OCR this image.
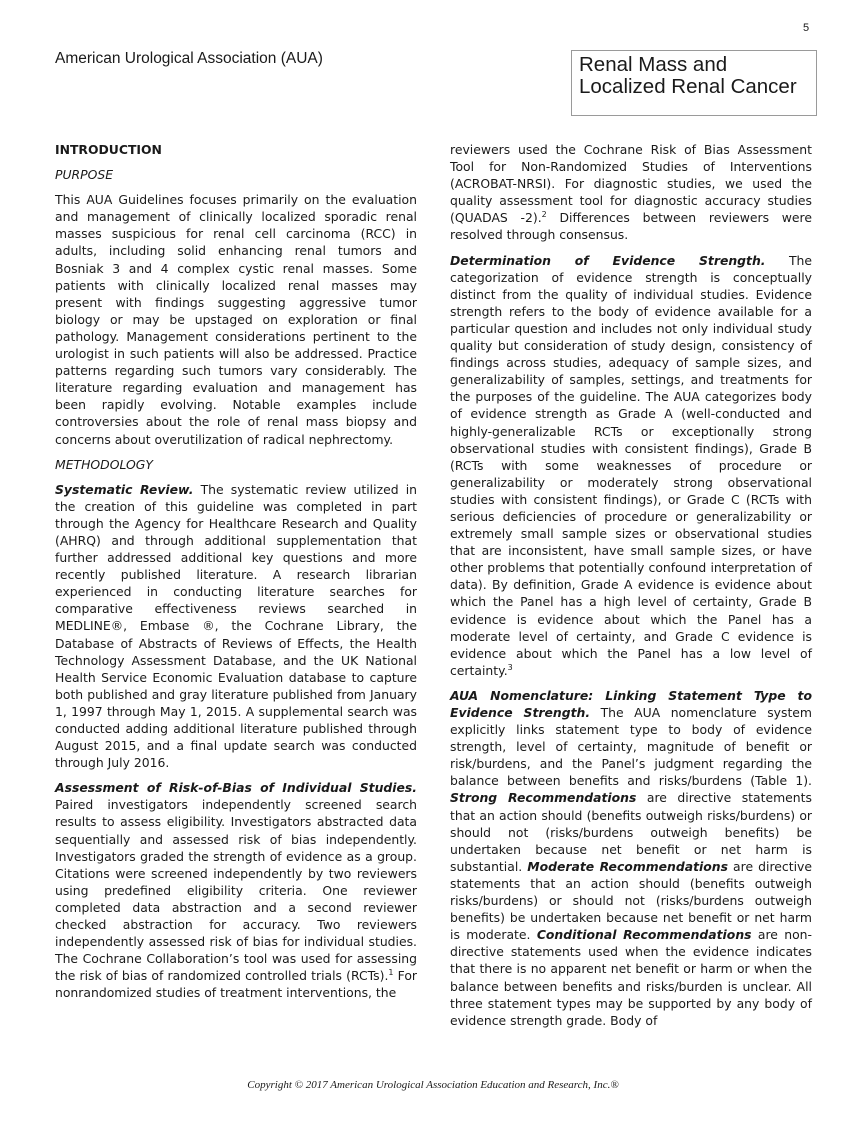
5
American Urological Association (AUA)	Renal Mass and
Localized Renal Cancer
INTRODUCTION
PURPOSE

This AUA Guidelines focuses primarily on the evaluation and management of clinically localized sporadic renal masses suspicious for renal cell carcinoma (RCC) in adults, including solid enhancing renal tumors and Bosniak 3 and 4 complex cystic renal masses. Some patients with clinically localized renal masses may present with findings suggesting aggressive tumor biology or may be upstaged on exploration or final pathology. Management considerations pertinent to the urologist in such patients will also be addressed. Practice patterns regarding such tumors vary considerably. The literature regarding evaluation and management has been rapidly evolving. Notable examples include controversies about the role of renal mass biopsy and concerns about overutilization of radical nephrectomy.

METHODOLOGY

Systematic Review. The systematic review utilized in the creation of this guideline was completed in part through the Agency for Healthcare Research and Quality (AHRQ) and through additional supplementation that further addressed additional key questions and more recently published literature. A research librarian experienced in conducting literature searches for comparative effectiveness reviews searched in MEDLINE®, Embase ®, the Cochrane Library, the Database of Abstracts of Reviews of Effects, the Health Technology Assessment Database, and the UK National Health Service Economic Evaluation database to capture both published and gray literature published from January 1, 1997 through May 1, 2015. A supplemental search was conducted adding additional literature published through August 2015, and a final update search was conducted through July 2016.

Assessment of Risk-of-Bias of Individual Studies. Paired investigators independently screened search results to assess eligibility. Investigators abstracted data sequentially and assessed risk of bias independently. Investigators graded the strength of evidence as a group. Citations were screened independently by two reviewers using predefined eligibility criteria. One reviewer completed data abstraction and a second reviewer checked abstraction for accuracy. Two reviewers independently assessed risk of bias for individual studies. The Cochrane Collaboration’s tool was used for assessing the risk of bias of randomized controlled trials (RCTs).$^1$ For nonrandomized studies of treatment interventions, the

reviewers used the Cochrane Risk of Bias Assessment Tool for Non-Randomized Studies of Interventions (ACROBAT-NRSI). For diagnostic studies, we used the quality assessment tool for diagnostic accuracy studies (QUADAS -2).$^2$ Differences between reviewers were resolved through consensus.

Determination of Evidence Strength. The categorization of evidence strength is conceptually distinct from the quality of individual studies. Evidence strength refers to the body of evidence available for a particular question and includes not only individual study quality but consideration of study design, consistency of findings across studies, adequacy of sample sizes, and generalizability of samples, settings, and treatments for the purposes of the guideline. The AUA categorizes body of evidence strength as Grade A (well-conducted and highly-generalizable RCTs or exceptionally strong observational studies with consistent findings), Grade B (RCTs with some weaknesses of procedure or generalizability or moderately strong observational studies with consistent findings), or Grade C (RCTs with serious deficiencies of procedure or generalizability or extremely small sample sizes or observational studies that are inconsistent, have small sample sizes, or have other problems that potentially confound interpretation of data). By definition, Grade A evidence is evidence about which the Panel has a high level of certainty, Grade B evidence is evidence about which the Panel has a moderate level of certainty, and Grade C evidence is evidence about which the Panel has a low level of certainty.$^3$

AUA Nomenclature: Linking Statement Type to Evidence Strength. The AUA nomenclature system explicitly links statement type to body of evidence strength, level of certainty, magnitude of benefit or risk/burdens, and the Panel’s judgment regarding the balance between benefits and risks/burdens (Table 1). Strong Recommendations are directive statements that an action should (benefits outweigh risks/burdens) or should not (risks/burdens outweigh benefits) be undertaken because net benefit or net harm is substantial. Moderate Recommendations are directive statements that an action should (benefits outweigh risks/burdens) or should not (risks/burdens outweigh benefits) be undertaken because net benefit or net harm is moderate. Conditional Recommendations are non-directive statements used when the evidence indicates that there is no apparent net benefit or harm or when the balance between benefits and risks/burden is unclear. All three statement types may be supported by any body of evidence strength grade. Body of

Copyright © 2017 American Urological Association Education and Research, Inc.®
